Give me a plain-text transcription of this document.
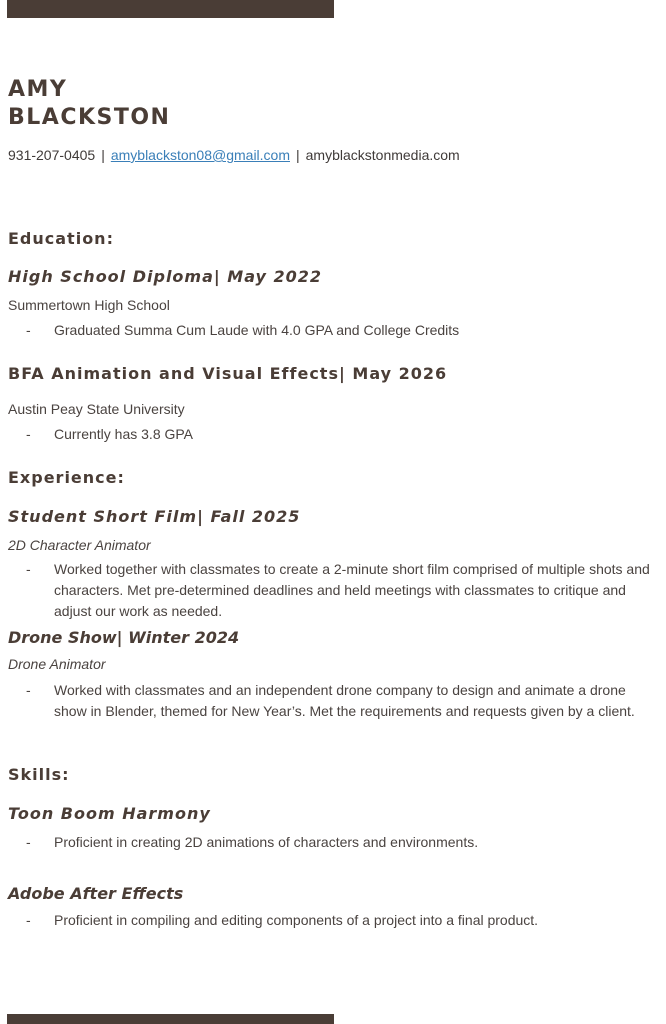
AMY
BLACKSTON
931-207-0405 | amyblackston08@gmail.com | amyblackstonmedia.com
Education:
High School Diploma| May 2022
Summertown High School
-	Graduated Summa Cum Laude with 4.0 GPA and College Credits
BFA Animation and Visual Effects| May 2026
Austin Peay State University
-	Currently has 3.8 GPA
Experience:
Student Short Film| Fall 2025
2D Character Animator
-	Worked together with classmates to create a 2-minute short film comprised of multiple shots and characters. Met pre-determined deadlines and held meetings with classmates to critique and adjust our work as needed.
Drone Show| Winter 2024
Drone Animator
-	Worked with classmates and an independent drone company to design and animate a drone show in Blender, themed for New Year’s. Met the requirements and requests given by a client.
Skills:
Toon Boom Harmony
-	Proficient in creating 2D animations of characters and environments.
Adobe After Effects
-	Proficient in compiling and editing components of a project into a final product.
